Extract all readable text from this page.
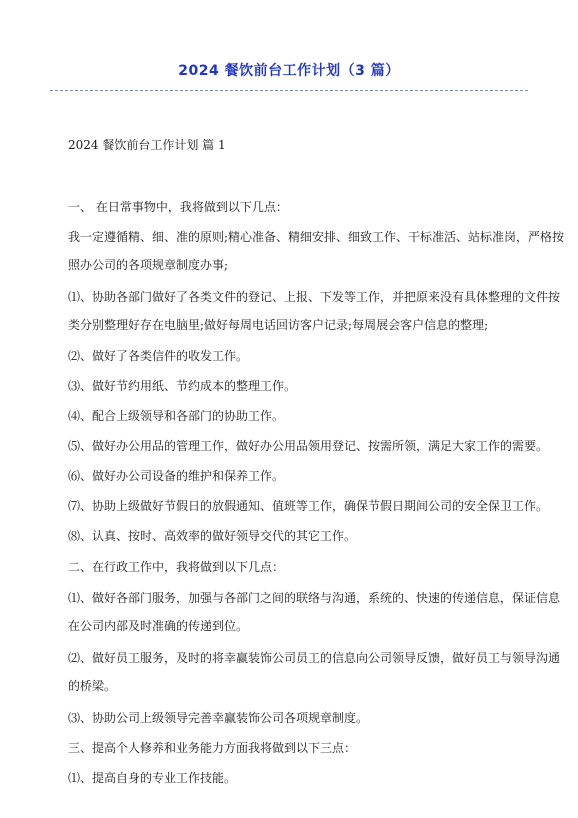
2024 餐饮前台工作计划（3 篇）
2024 餐饮前台工作计划 篇 1
一、 在日常事物中，我将做到以下几点：
我一定遵循精、细、准的原则;精心准备、精细安排、细致工作、干标准活、站标准岗，严格按
照办公司的各项规章制度办事;
⑴、协助各部门做好了各类文件的登记、上报、下发等工作，并把原来没有具体整理的文件按
类分别整理好存在电脑里;做好每周电话回访客户记录;每周展会客户信息的整理;
⑵、做好了各类信件的收发工作。
⑶、做好节约用纸、节约成本的整理工作。
⑷、配合上级领导和各部门的协助工作。
⑸、做好办公用品的管理工作，做好办公用品领用登记、按需所领，满足大家工作的需要。
⑹、做好办公司设备的维护和保养工作。
⑺、协助上级做好节假日的放假通知、值班等工作，确保节假日期间公司的安全保卫工作。
⑻、认真、按时、高效率的做好领导交代的其它工作。
二、在行政工作中，我将做到以下几点：
⑴、做好各部门服务，加强与各部门之间的联络与沟通，系统的、快速的传递信息，保证信息
在公司内部及时准确的传递到位。
⑵、做好员工服务，及时的将幸赢装饰公司员工的信息向公司领导反馈，做好员工与领导沟通
的桥梁。
⑶、协助公司上级领导完善幸赢装饰公司各项规章制度。
三、提高个人修养和业务能力方面我将做到以下三点：
⑴、提高自身的专业工作技能。
